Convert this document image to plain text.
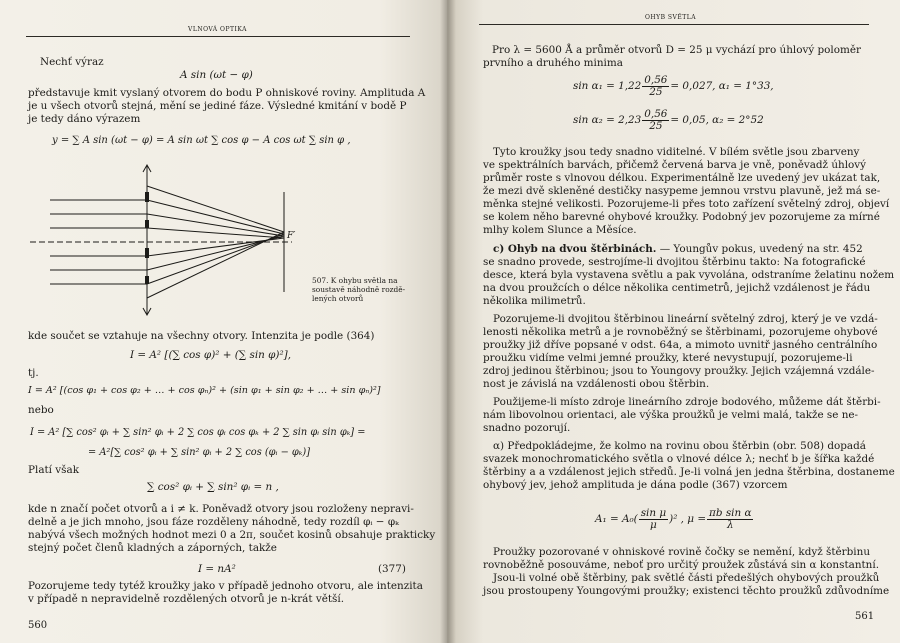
VLNOVÁ OPTIKA
Nechť výraz
A sin (ωt − φ)
představuje kmit vyslaný otvorem do bodu P ohniskové roviny. Amplituda A
je u všech otvorů stejná, mění se jediné fáze. Výsledné kmitání v bodě P
je tedy dáno výrazem
y = ∑ A sin (ωt − φ) = A sin ωt ∑ cos φ − A cos ωt ∑ sin φ ,
F′
507. K ohybu světla na
soustavě náhodně rozdě-
lených otvorů
kde součet se vztahuje na všechny otvory. Intenzita je podle (364)
I = A² [(∑ cos φ)² + (∑ sin φ)²],
tj.
I = A² [(cos φ₁ + cos φ₂ + … + cos φₙ)² + (sin φ₁ + sin φ₂ + … + sin φₙ)²]
nebo
I = A² [∑ cos² φᵢ + ∑ sin² φᵢ + 2 ∑ cos φᵢ cos φₖ + 2 ∑ sin φᵢ sin φₖ] =
= A²[∑ cos² φᵢ + ∑ sin² φᵢ + 2 ∑ cos (φᵢ − φₖ)]
Platí však
∑ cos² φᵢ + ∑ sin² φᵢ = n ,
kde n značí počet otvorů a i ≠ k. Poněvadž otvory jsou rozloženy nepravi-
delně a je jich mnoho, jsou fáze rozděleny náhodně, tedy rozdíl φᵢ − φₖ
nabývá všech možných hodnot mezi 0 a 2π, součet kosinů obsahuje prakticky
stejný počet členů kladných a záporných, takže
I = nA²	(377)
Pozorujeme tedy tytéž kroužky jako v případě jednoho otvoru, ale intenzita
v případě n nepravidelně rozdělených otvorů je n-krát větší.
560
OHYB SVĚTLA
Pro λ = 5600 Å a průměr otvorů D = 25 μ vychází pro úhlový poloměr
prvního a druhého minima
$\sin \alpha_1 = 1,22 \frac{0,56}{25} = 0,027$, α₁ = 1°33,
$\sin \alpha_2 = 2,23 \frac{0,56}{25} = 0,05$, α₂ = 2°52
Tyto kroužky jsou tedy snadno viditelné. V bílém světle jsou zbarveny
ve spektrálních barvách, přičemž červená barva je vně, poněvadž úhlový
průměr roste s vlnovou délkou. Experimentálně lze uvedený jev ukázat tak,
že mezi dvě skleněné destičky nasypeme jemnou vrstvu plavuně, jež má se-
měnka stejné velikosti. Pozorujeme-li přes toto zařízení světelný zdroj, objeví
se kolem něho barevné ohybové kroužky. Podobný jev pozorujeme za mírné
mlhy kolem Slunce a Měsíce.
c) Ohyb na dvou štěrbinách. — Youngův pokus, uvedený na str. 452
se snadno provede, sestrojíme-li dvojitou štěrbinu takto: Na fotografické
desce, která byla vystavena světlu a pak vyvolána, odstraníme želatinu nožem
na dvou proužcích o délce několika centimetrů, jejichž vzdálenost je řádu
několika milimetrů.
Pozorujeme-li dvojitou štěrbinou lineární světelný zdroj, který je ve vzdá-
lenosti několika metrů a je rovnoběžný se štěrbinami, pozorujeme ohybové
proužky již dříve popsané v odst. 64a, a mimoto uvnitř jasného centrálního
proužku vidíme velmi jemné proužky, které nevystupují, pozorujeme-li
zdroj jedinou štěrbinou; jsou to Youngovy proužky. Jejich vzájemná vzdále-
nost je závislá na vzdálenosti obou štěrbin.
Použijeme-li místo zdroje lineárního zdroje bodového, můžeme dát štěrbi-
nám libovolnou orientaci, ale výška proužků je velmi malá, takže se ne-
snadno pozorují.
α) Předpokládejme, že kolmo na rovinu obou štěrbin (obr. 508) dopadá
svazek monochromatického světla o vlnové délce λ; nechť b je šířka každé
štěrbiny a a vzdálenost jejich středů. Je-li volná jen jedna štěrbina, dostaneme
ohybový jev, jehož amplituda je dána podle (367) vzorcem
$A_1 = A_0( \frac{\text{sin μ}}{\mu} )^2$ , $\mu = \frac{\text{πb sin α}}{\lambda}$
Proužky pozorované v ohniskové rovině čočky se nemění, když štěrbinu
rovnoběžně posouváme, neboť pro určitý proužek zůstává sin α konstantní.
Jsou-li volné obě štěrbiny, pak světlé části předešlých ohybových proužků
jsou prostoupeny Youngovými proužky; existenci těchto proužků zdůvodníme
561
